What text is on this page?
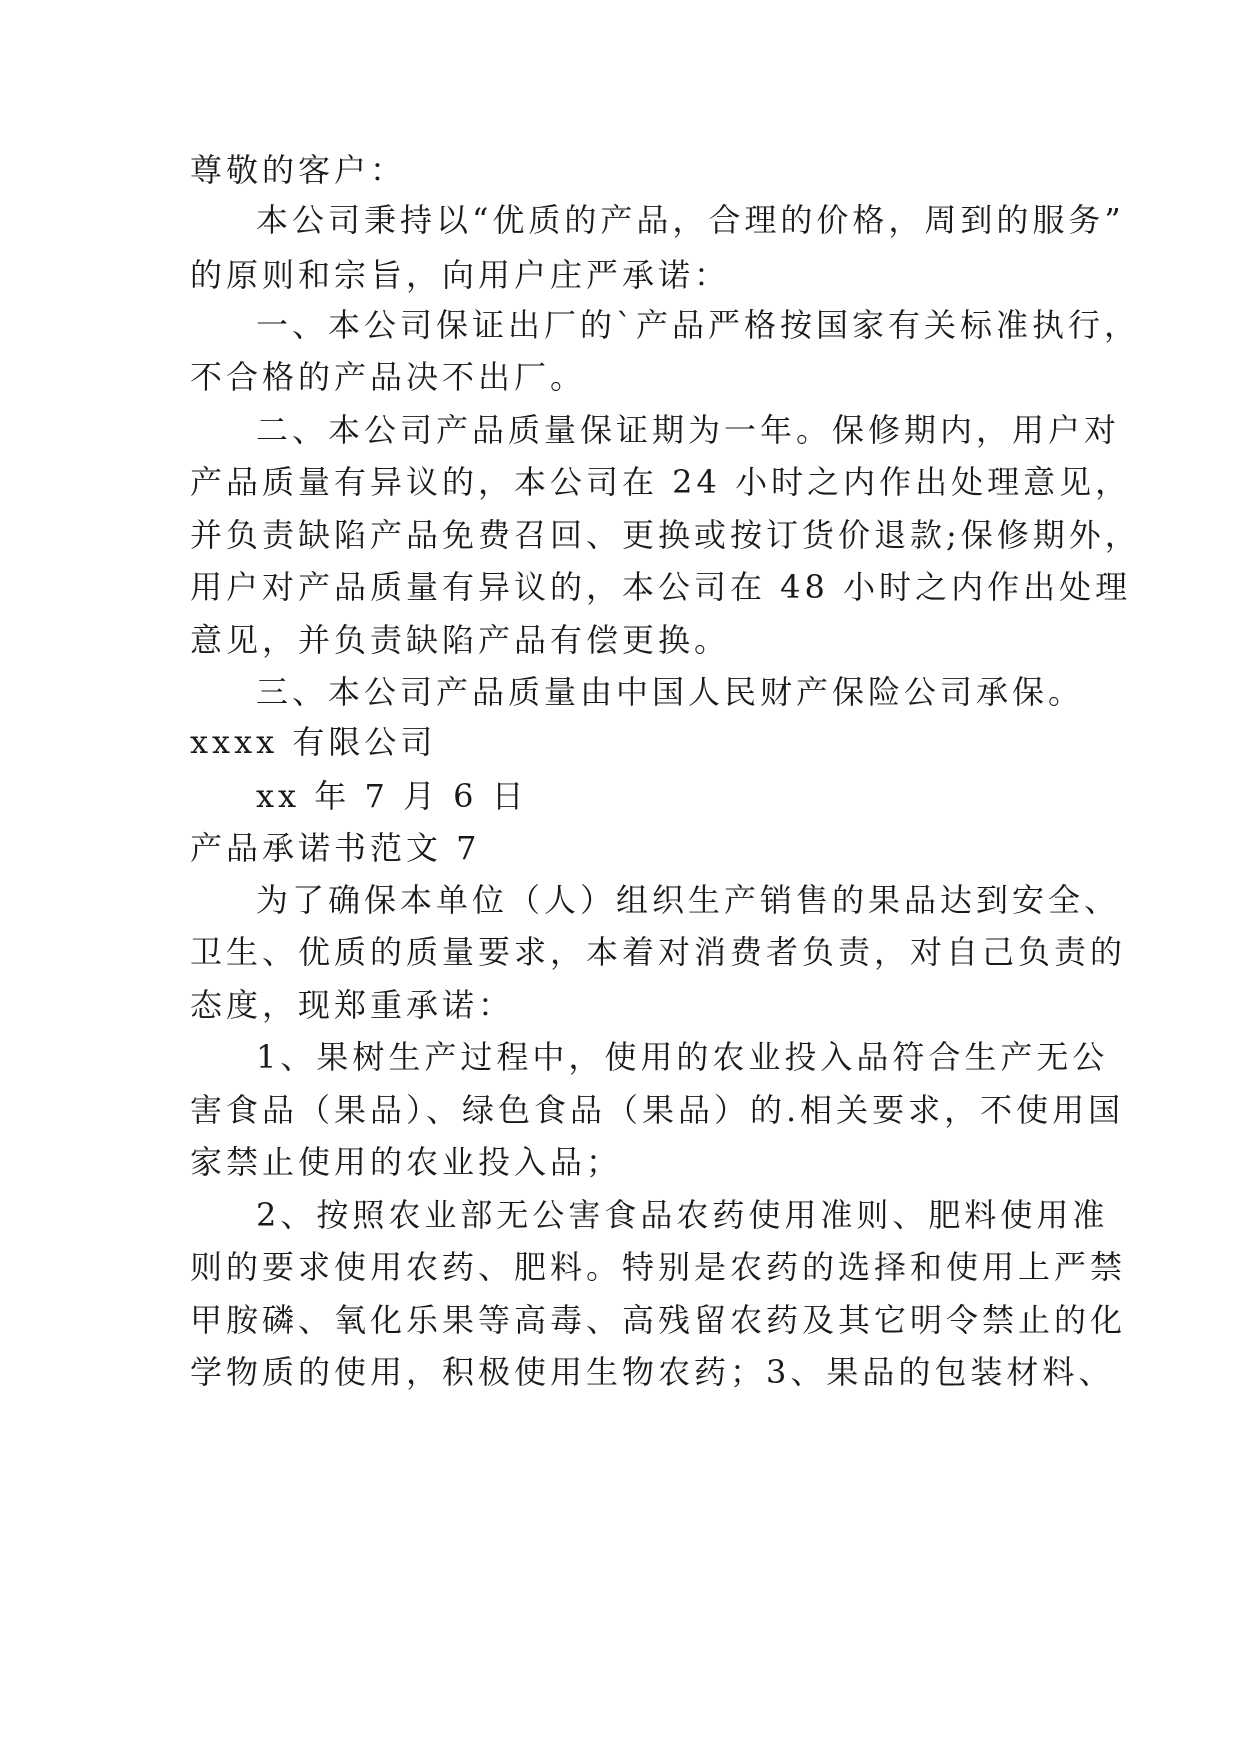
尊敬的客户：
本公司秉持以“优质的产品，合理的价格，周到的服务”
的原则和宗旨，向用户庄严承诺：
一、本公司保证出厂的`产品严格按国家有关标准执行，
不合格的产品决不出厂。
二、本公司产品质量保证期为一年。保修期内，用户对
产品质量有异议的，本公司在 24 小时之内作出处理意见，
并负责缺陷产品免费召回、更换或按订货价退款;保修期外，
用户对产品质量有异议的，本公司在 48 小时之内作出处理
意见，并负责缺陷产品有偿更换。
三、本公司产品质量由中国人民财产保险公司承保。
xxxx 有限公司
xx 年 7 月 6 日
产品承诺书范文 7
为了确保本单位（人）组织生产销售的果品达到安全、
卫生、优质的质量要求，本着对消费者负责，对自己负责的
态度，现郑重承诺：
1、果树生产过程中，使用的农业投入品符合生产无公
害食品（果品）、绿色食品（果品）的.相关要求，不使用国
家禁止使用的农业投入品；
2、按照农业部无公害食品农药使用准则、肥料使用准
则的要求使用农药、肥料。特别是农药的选择和使用上严禁
甲胺磷、氧化乐果等高毒、高残留农药及其它明令禁止的化
学物质的使用，积极使用生物农药；3、果品的包装材料、
